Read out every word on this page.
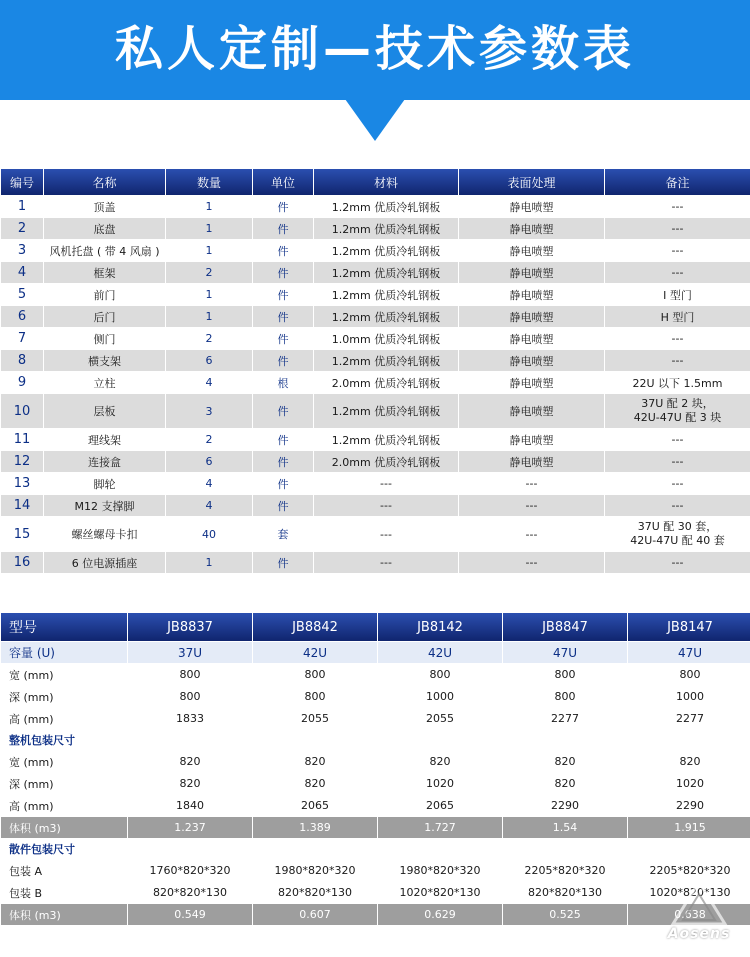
私人定制—技术参数表
编号	名称	数量	单位	材料	表面处理	备注
1	顶盖	1	件	1.2mm 优质冷轧钢板	静电喷塑	---
2	底盘	1	件	1.2mm 优质冷轧钢板	静电喷塑	---
3	风机托盘 ( 带 4 风扇 )	1	件	1.2mm 优质冷轧钢板	静电喷塑	---
4	框架	2	件	1.2mm 优质冷轧钢板	静电喷塑	---
5	前门	1	件	1.2mm 优质冷轧钢板	静电喷塑	I 型门
6	后门	1	件	1.2mm 优质冷轧钢板	静电喷塑	H 型门
7	侧门	2	件	1.0mm 优质冷轧钢板	静电喷塑	---
8	横支架	6	件	1.2mm 优质冷轧钢板	静电喷塑	---
9	立柱	4	根	2.0mm 优质冷轧钢板	静电喷塑	22U 以下 1.5mm
10	层板	3	件	1.2mm 优质冷轧钢板	静电喷塑	37U 配 2 块，
42U-47U 配 3 块
11	理线架	2	件	1.2mm 优质冷轧钢板	静电喷塑	---
12	连接盒	6	件	2.0mm 优质冷轧钢板	静电喷塑	---
13	脚轮	4	件	---	---	---
14	M12 支撑脚	4	件	---	---	---
15	螺丝螺母卡扣	40	套	---	---	37U 配 30 套，
42U-47U 配 40 套
16	6 位电源插座	1	件	---	---	---
型号	JB8837	JB8842	JB8142	JB8847	JB8147
容量 (U)	37U	42U	42U	47U	47U
宽 (mm)	800	800	800	800	800
深 (mm)	800	800	1000	800	1000
高 (mm)	1833	2055	2055	2277	2277
整机包装尺寸					
宽 (mm)	820	820	820	820	820
深 (mm)	820	820	1020	820	1020
高 (mm)	1840	2065	2065	2290	2290
体积 (m3)	1.237	1.389	1.727	1.54	1.915
散件包装尺寸					
包装 A	1760*820*320	1980*820*320	1980*820*320	2205*820*320	2205*820*320
包装 B	820*820*130	820*820*130	1020*820*130	820*820*130	1020*820*130
体积 (m3)	0.549	0.607	0.629	0.525	0.638
Aosens
